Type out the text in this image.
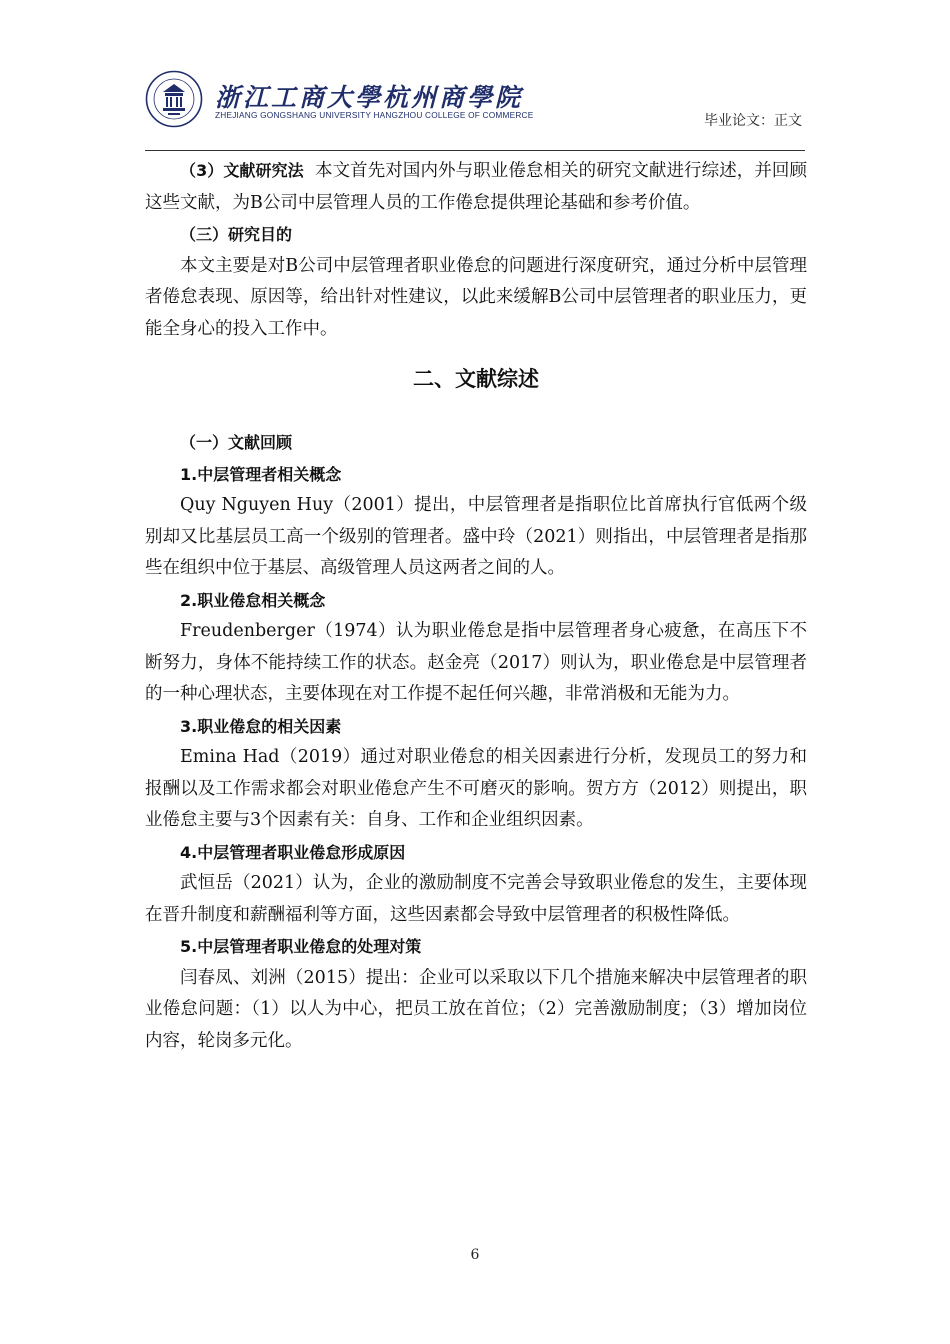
浙江工商大學杭州商學院
ZHEJIANG GONGSHANG UNIVERSITY HANGZHOU COLLEGE OF COMMERCE	毕业论文：正文

（3）文献研究法 本文首先对国内外与职业倦怠相关的研究文献进行综述，并回顾这些文献，为B公司中层管理人员的工作倦怠提供理论基础和参考价值。

（三）研究目的

本文主要是对B公司中层管理者职业倦怠的问题进行深度研究，通过分析中层管理者倦怠表现、原因等，给出针对性建议，以此来缓解B公司中层管理者的职业压力，更能全身心的投入工作中。

二、文献综述

（一）文献回顾

1.中层管理者相关概念

Quy Nguyen Huy（2001）提出，中层管理者是指职位比首席执行官低两个级别却又比基层员工高一个级别的管理者。盛中玲（2021）则指出，中层管理者是指那些在组织中位于基层、高级管理人员这两者之间的人。

2.职业倦怠相关概念

Freudenberger（1974）认为职业倦怠是指中层管理者身心疲惫，在高压下不断努力，身体不能持续工作的状态。赵金亮（2017）则认为，职业倦怠是中层管理者的一种心理状态，主要体现在对工作提不起任何兴趣，非常消极和无能为力。

3.职业倦怠的相关因素

Emina Had（2019）通过对职业倦怠的相关因素进行分析，发现员工的努力和报酬以及工作需求都会对职业倦怠产生不可磨灭的影响。贺方方（2012）则提出，职业倦怠主要与3个因素有关：自身、工作和企业组织因素。

4.中层管理者职业倦怠形成原因

武恒岳（2021）认为，企业的激励制度不完善会导致职业倦怠的发生，主要体现在晋升制度和薪酬福利等方面，这些因素都会导致中层管理者的积极性降低。

5.中层管理者职业倦怠的处理对策

闫春凤、刘洲（2015）提出：企业可以采取以下几个措施来解决中层管理者的职业倦怠问题：（1）以人为中心，把员工放在首位；（2）完善激励制度；（3）增加岗位内容，轮岗多元化。

6
